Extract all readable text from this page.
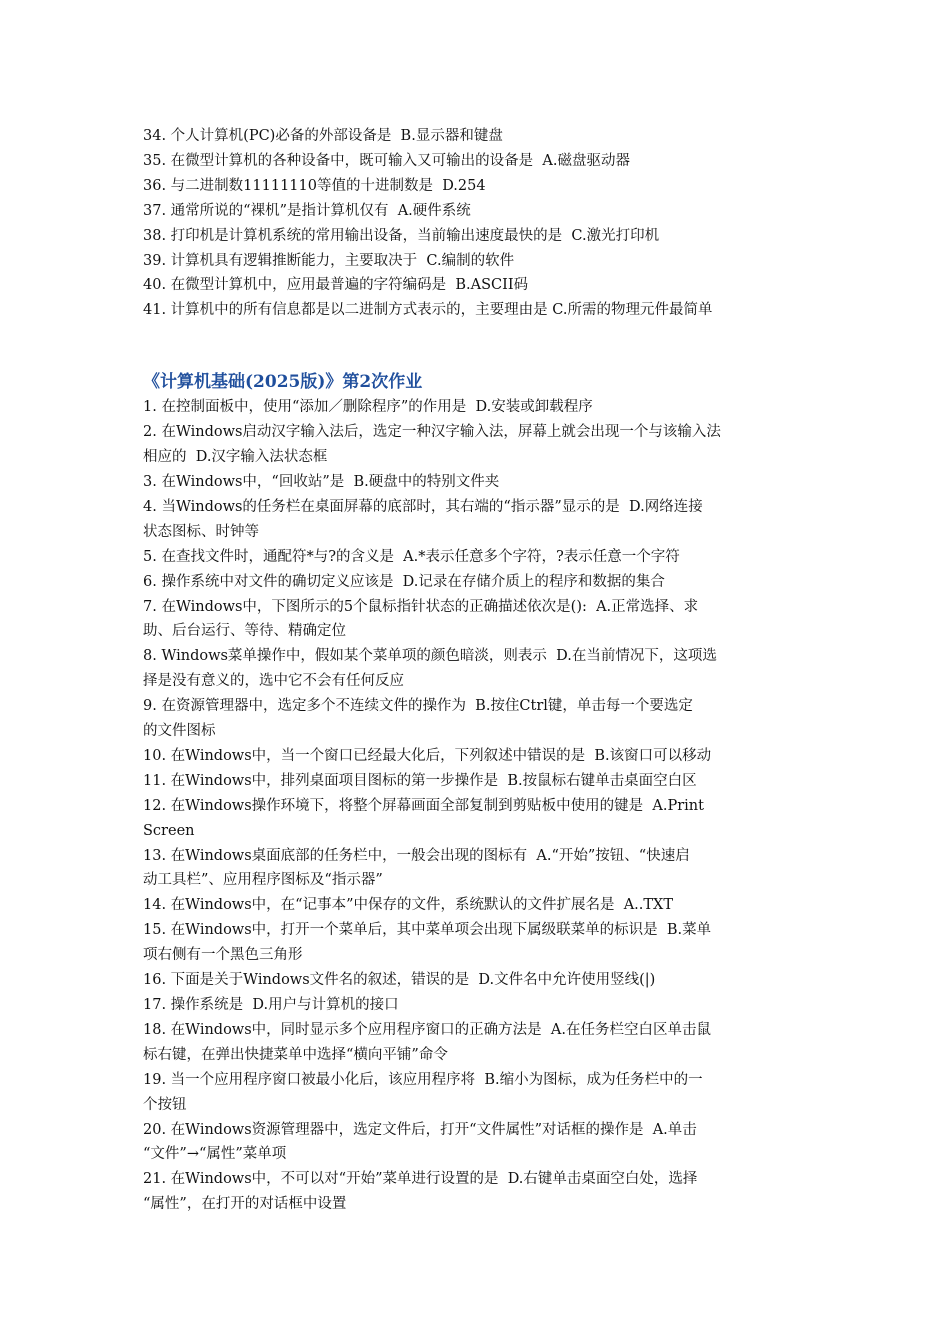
34. 个人计算机(PC)必备的外部设备是  B.显示器和键盘
35. 在微型计算机的各种设备中，既可输入又可输出的设备是  A.磁盘驱动器
36. 与二进制数11111110等值的十进制数是  D.254
37. 通常所说的“裸机”是指计算机仅有  A.硬件系统
38. 打印机是计算机系统的常用输出设备，当前输出速度最快的是  C.激光打印机
39. 计算机具有逻辑推断能力，主要取决于  C.编制的软件
40. 在微型计算机中，应用最普遍的字符编码是  B.ASCII码
41. 计算机中的所有信息都是以二进制方式表示的，主要理由是 C.所需的物理元件最简单
《计算机基础(2025版)》第2次作业
1. 在控制面板中，使用“添加／删除程序”的作用是  D.安装或卸载程序
2. 在Windows启动汉字输入法后，选定一种汉字输入法，屏幕上就会出现一个与该输入法
相应的  D.汉字输入法状态框
3. 在Windows中，“回收站”是  B.硬盘中的特别文件夹
4. 当Windows的任务栏在桌面屏幕的底部时，其右端的“指示器”显示的是  D.网络连接
状态图标、时钟等
5. 在查找文件时，通配符*与?的含义是  A.*表示任意多个字符，?表示任意一个字符
6. 操作系统中对文件的确切定义应该是  D.记录在存储介质上的程序和数据的集合
7. 在Windows中，下图所示的5个鼠标指针状态的正确描述依次是():  A.正常选择、求
助、后台运行、等待、精确定位
8. Windows菜单操作中，假如某个菜单项的颜色暗淡，则表示  D.在当前情况下，这项选
择是没有意义的，选中它不会有任何反应
9. 在资源管理器中，选定多个不连续文件的操作为  B.按住Ctrl键，单击每一个要选定
的文件图标
10. 在Windows中，当一个窗口已经最大化后，下列叙述中错误的是  B.该窗口可以移动
11. 在Windows中，排列桌面项目图标的第一步操作是  B.按鼠标右键单击桌面空白区
12. 在Windows操作环境下，将整个屏幕画面全部复制到剪贴板中使用的键是  A.Print
Screen
13. 在Windows桌面底部的任务栏中，一般会出现的图标有  A.“开始”按钮、“快速启
动工具栏”、应用程序图标及“指示器”
14. 在Windows中，在“记事本”中保存的文件，系统默认的文件扩展名是  A..TXT
15. 在Windows中，打开一个菜单后，其中菜单项会出现下属级联菜单的标识是  B.菜单
项右侧有一个黑色三角形
16. 下面是关于Windows文件名的叙述，错误的是  D.文件名中允许使用竖线(|)
17. 操作系统是  D.用户与计算机的接口
18. 在Windows中，同时显示多个应用程序窗口的正确方法是  A.在任务栏空白区单击鼠
标右键，在弹出快捷菜单中选择“横向平铺”命令
19. 当一个应用程序窗口被最小化后，该应用程序将  B.缩小为图标，成为任务栏中的一
个按钮
20. 在Windows资源管理器中，选定文件后，打开“文件属性”对话框的操作是  A.单击
“文件”→“属性”菜单项
21. 在Windows中，不可以对“开始”菜单进行设置的是  D.右键单击桌面空白处，选择
“属性”，在打开的对话框中设置
